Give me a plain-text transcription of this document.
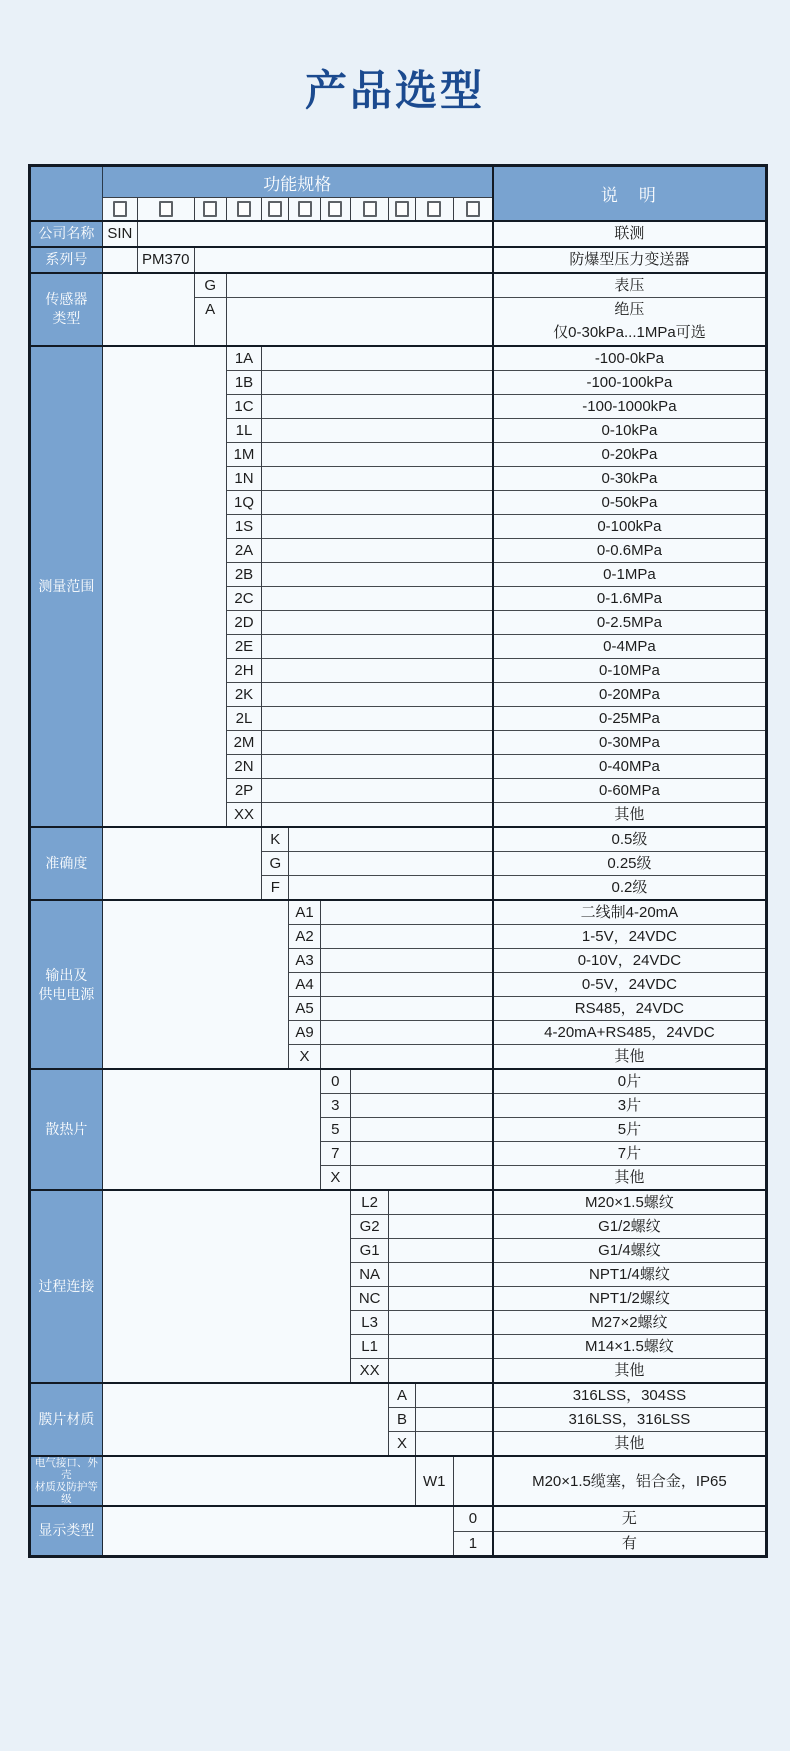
产品选型
	功能规格											说　明

公司名称	SIN											联测
系列号		PM370										防爆型压力变送器
传感器
类型			G									表压
			A									绝压
仅0-30kPa...1MPa可选
测量范围				1A								-100-0kPa
				1B								-100-100kPa
				1C								-100-1000kPa
				1L								0-10kPa
				1M								0-20kPa
				1N								0-30kPa
				1Q								0-50kPa
				1S								0-100kPa
				2A								0-0.6MPa
				2B								0-1MPa
				2C								0-1.6MPa
				2D								0-2.5MPa
				2E								0-4MPa
				2H								0-10MPa
				2K								0-20MPa
				2L								0-25MPa
				2M								0-30MPa
				2N								0-40MPa
				2P								0-60MPa
				XX								其他
准确度					K							0.5级
					G							0.25级
					F							0.2级
输出及
供电电源						A1						二线制4-20mA
						A2						1-5V，24VDC
						A3						0-10V，24VDC
						A4						0-5V，24VDC
						A5						RS485，24VDC
						A9						4-20mA+RS485，24VDC
						X						其他
散热片							0					0片
							3					3片
							5					5片
							7					7片
							X					其他
过程连接								L2				M20×1.5螺纹
								G2				G1/2螺纹
								G1				G1/4螺纹
								NA				NPT1/4螺纹
								NC				NPT1/2螺纹
								L3				M27×2螺纹
								L1				M14×1.5螺纹
								XX				其他
膜片材质									A			316LSS，304SS
									B			316LSS，316LSS
									X			其他
电气接口、外壳
材质及防护等级										W1		M20×1.5缆塞，铝合金，IP65
显示类型											0	无
											1	有
